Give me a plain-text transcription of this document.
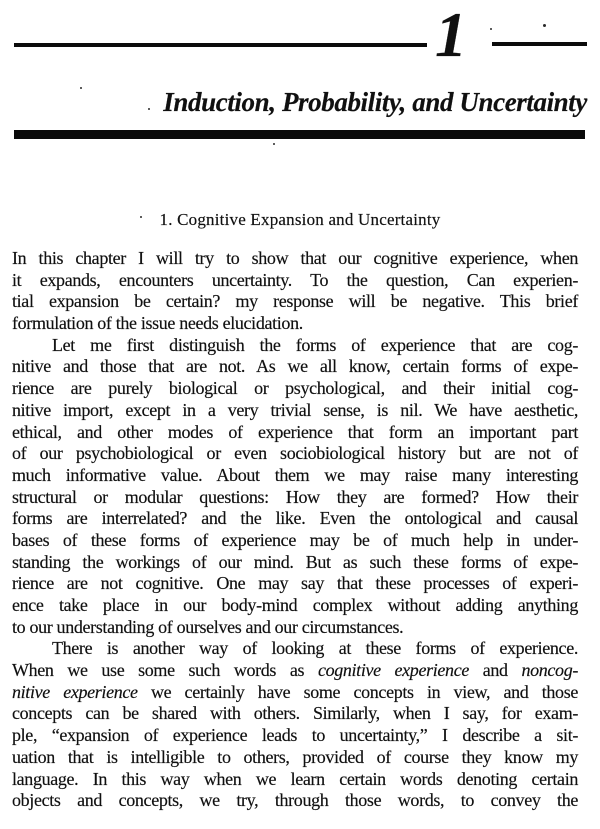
1
Induction, Probability, and Uncertainty
1. Cognitive Expansion and Uncertainty
In this chapter I will try to show that our cognitive experience, when
it expands, encounters uncertainty. To the question, Can experien-
tial expansion be certain? my response will be negative. This brief
formulation of the issue needs elucidation.
Let me first distinguish the forms of experience that are cog-
nitive and those that are not. As we all know, certain forms of expe-
rience are purely biological or psychological, and their initial cog-
nitive import, except in a very trivial sense, is nil. We have aesthetic,
ethical, and other modes of experience that form an important part
of our psychobiological or even sociobiological history but are not of
much informative value. About them we may raise many interesting
structural or modular questions: How they are formed? How their
forms are interrelated? and the like. Even the ontological and causal
bases of these forms of experience may be of much help in under-
standing the workings of our mind. But as such these forms of expe-
rience are not cognitive. One may say that these processes of experi-
ence take place in our body-mind complex without adding anything
to our understanding of ourselves and our circumstances.
There is another way of looking at these forms of experience.
When we use some such words as cognitive experience and noncog-
nitive experience we certainly have some concepts in view, and those
concepts can be shared with others. Similarly, when I say, for exam-
ple, “expansion of experience leads to uncertainty,” I describe a sit-
uation that is intelligible to others, provided of course they know my
language. In this way when we learn certain words denoting certain
objects and concepts, we try, through those words, to convey the
